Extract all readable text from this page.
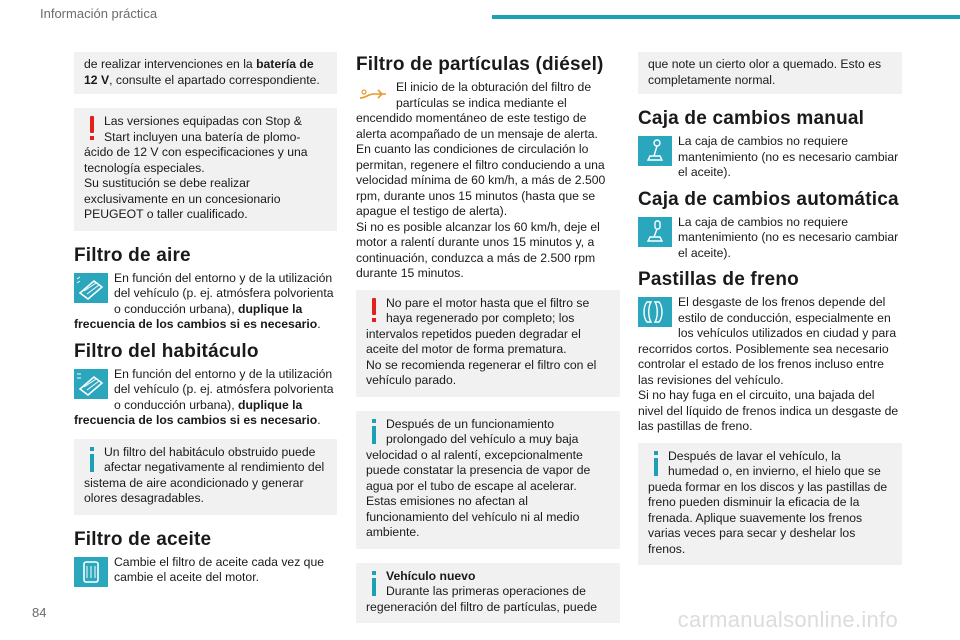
Información práctica
de realizar intervenciones en la batería de 12 V, consulte el apartado correspondiente.

Las versiones equipadas con Stop & Start incluyen una batería de plomo-ácido de 12 V con especificaciones y una tecnología especiales.

Su sustitución se debe realizar exclusivamente en un concesionario PEUGEOT o taller cualificado.

Filtro de aire
En función del entorno y de la utilización del vehículo (p. ej. atmósfera polvorienta o conducción urbana), duplique la frecuencia de los cambios si es necesario.
Filtro del habitáculo
En función del entorno y de la utilización del vehículo (p. ej. atmósfera polvorienta o conducción urbana), duplique la frecuencia de los cambios si es necesario.

Un filtro del habitáculo obstruido puede afectar negativamente al rendimiento del sistema de aire acondicionado y generar olores desagradables.

Filtro de aceite
Cambie el filtro de aceite cada vez que cambie el aceite del motor.
Filtro de partículas (diésel)

El inicio de la obturación del filtro de partículas se indica mediante el encendido momentáneo de este testigo de alerta acompañado de un mensaje de alerta.

En cuanto las condiciones de circulación lo permitan, regenere el filtro conduciendo a una velocidad mínima de 60 km/h, a más de 2.500 rpm, durante unos 15 minutos (hasta que se apague el testigo de alerta).

Si no es posible alcanzar los 60 km/h, deje el motor a ralentí durante unos 15 minutos y, a continuación, conduzca a más de 2.500 rpm durante 15 minutos.

No pare el motor hasta que el filtro se haya regenerado por completo; los intervalos repetidos pueden degradar el aceite del motor de forma prematura.

No se recomienda regenerar el filtro con el vehículo parado.

Después de un funcionamiento prolongado del vehículo a muy baja velocidad o al ralentí, excepcionalmente puede constatar la presencia de vapor de agua por el tubo de escape al acelerar. Estas emisiones no afectan al funcionamiento del vehículo ni al medio ambiente.

Vehículo nuevo

Durante las primeras operaciones de regeneración del filtro de partículas, puede

que note un cierto olor a quemado. Esto es completamente normal.
Caja de cambios manual
La caja de cambios no requiere mantenimiento (no es necesario cambiar el aceite).
Caja de cambios automática
La caja de cambios no requiere mantenimiento (no es necesario cambiar el aceite).
Pastillas de freno

El desgaste de los frenos depende del estilo de conducción, especialmente en los vehículos utilizados en ciudad y para recorridos cortos. Posiblemente sea necesario controlar el estado de los frenos incluso entre las revisiones del vehículo.

Si no hay fuga en el circuito, una bajada del nivel del líquido de frenos indica un desgaste de las pastillas de freno.

Después de lavar el vehículo, la humedad o, en invierno, el hielo que se pueda formar en los discos y las pastillas de freno pueden disminuir la eficacia de la frenada. Aplique suavemente los frenos varias veces para secar y deshelar los frenos.

84	carmanualsonline.info
